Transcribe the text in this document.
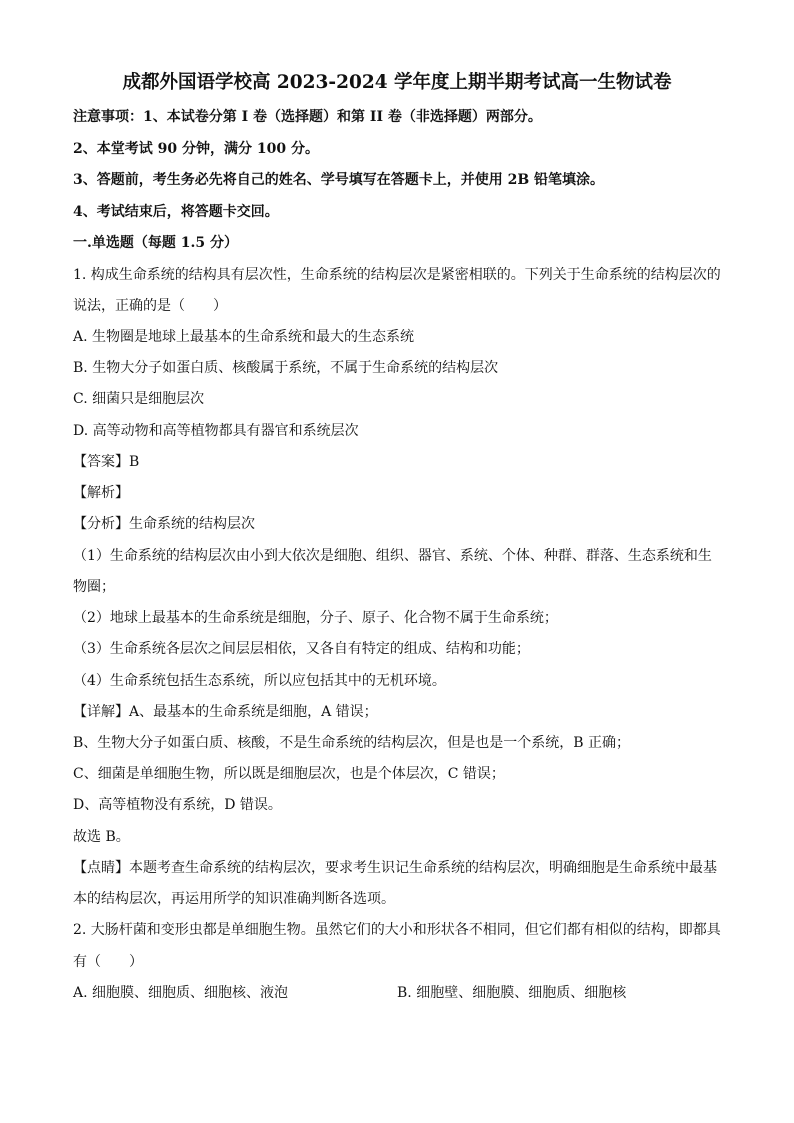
成都外国语学校高 2023-2024 学年度上期半期考试高一生物试卷
注意事项：1、本试卷分第 I 卷（选择题）和第 II 卷（非选择题）两部分。
2、本堂考试 90 分钟，满分 100 分。
3、答题前，考生务必先将自己的姓名、学号填写在答题卡上，并使用 2B 铅笔填涂。
4、考试结束后，将答题卡交回。
一.单选题（每题 1.5 分）
1. 构成生命系统的结构具有层次性，生命系统的结构层次是紧密相联的。下列关于生命系统的结构层次的
说法，正确的是（　　）
A. 生物圈是地球上最基本的生命系统和最大的生态系统
B. 生物大分子如蛋白质、核酸属于系统，不属于生命系统的结构层次
C. 细菌只是细胞层次
D. 高等动物和高等植物都具有器官和系统层次
【答案】B
【解析】
【分析】生命系统的结构层次
（1）生命系统的结构层次由小到大依次是细胞、组织、器官、系统、个体、种群、群落、生态系统和生
物圈；
（2）地球上最基本的生命系统是细胞，分子、原子、化合物不属于生命系统；
（3）生命系统各层次之间层层相依，又各自有特定的组成、结构和功能；
（4）生命系统包括生态系统，所以应包括其中的无机环境。
【详解】A、最基本的生命系统是细胞，A 错误；
B、生物大分子如蛋白质、核酸，不是生命系统的结构层次，但是也是一个系统，B 正确；
C、细菌是单细胞生物，所以既是细胞层次，也是个体层次，C 错误；
D、高等植物没有系统，D 错误。
故选 B。
【点睛】本题考查生命系统的结构层次，要求考生识记生命系统的结构层次，明确细胞是生命系统中最基
本的结构层次，再运用所学的知识准确判断各选项。
2. 大肠杆菌和变形虫都是单细胞生物。虽然它们的大小和形状各不相同，但它们都有相似的结构，即都具
有（　　）
A. 细胞膜、细胞质、细胞核、液泡	B. 细胞壁、细胞膜、细胞质、细胞核
